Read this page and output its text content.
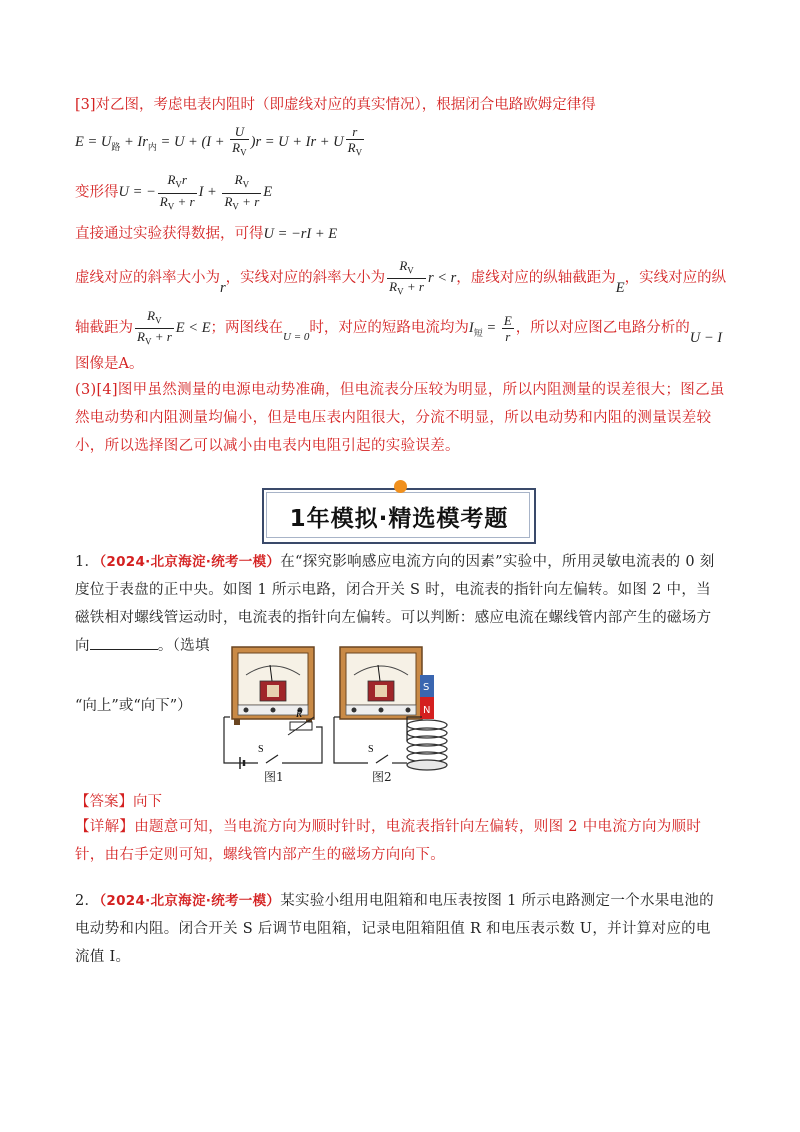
[3]对乙图，考虑电表内阻时（即虚线对应的真实情况），根据闭合电路欧姆定律得
$E = U_路 + Ir_内 = U + (I + \frac{U}{R_V} )r = U + Ir + U \frac{r}{R_V}$
变形得U = − $\frac{R_Vr}{R_V + r}$ $I + \frac{R_V}{R_V + r}$ E
直接通过实验获得数据，可得U = −rI + E
虚线对应的斜率大小为r，实线对应的斜率大小为 $\frac{R_V}{R_V + r}$ r < r，虚线对应的纵轴截距为E，实线对应的纵
轴截距为 $\frac{R_V}{R_V + r}$ E < E；两图线在$_{U = 0}$时，对应的短路电流均为$I_短 = \frac{E}{r}$ ，所以对应图乙电路分析的U − I
图像是A。
(3)[4]图甲虽然测量的电源电动势准确，但电流表分压较为明显，所以内阻测量的误差很大；图乙虽然电动势和内阻测量均偏小，但是电压表内阻很大，分流不明显，所以电动势和内阻的测量误差较小，所以选择图乙可以减小由电表内电阻引起的实验误差。
1年模拟·精选模考题
1．（2024·北京海淀·统考一模）在“探究影响感应电流方向的因素”实验中，所用灵敏电流表的 0 刻度位于表盘的正中央。如图 1 所示电路，闭合开关 S 时，电流表的指针向左偏转。如图 2 中，当磁铁相对螺线管运动时，电流表的指针向左偏转。可以判断：感应电流在螺线管内部产生的磁场方向	。（选填
“向上”或“向下”）
R
S
图1
S
N
S
图2
【答案】向下
【详解】由题意可知，当电流方向为顺时针时，电流表指针向左偏转，则图 2 中电流方向为顺时针，由右手定则可知，螺线管内部产生的磁场方向向下。
2．（2024·北京海淀·统考一模）某实验小组用电阻箱和电压表按图 1 所示电路测定一个水果电池的电动势和内阻。闭合开关 S 后调节电阻箱，记录电阻箱阻值 R 和电压表示数 U，并计算对应的电流值 I。
